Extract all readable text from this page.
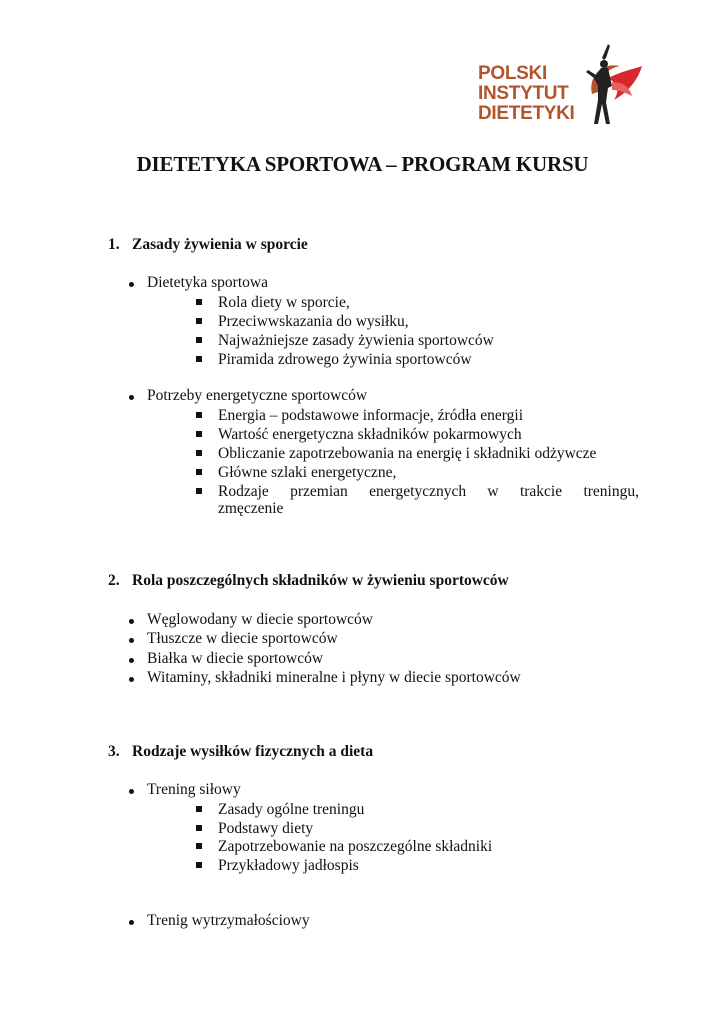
POLSKI
INSTYTUT
DIETETYKI
DIETETYKA SPORTOWA – PROGRAM KURSU
1. Zasady żywienia w sporcie
Dietetyka sportowa
Rola diety w sporcie,
Przeciwwskazania do wysiłku,
Najważniejsze zasady żywienia sportowców
Piramida zdrowego żywinia sportowców
Potrzeby energetyczne sportowców
Energia – podstawowe informacje, źródła energii
Wartość energetyczna składników pokarmowych
Obliczanie zapotrzebowania na energię i składniki odżywcze
Główne szlaki energetyczne,
Rodzaje przemian energetycznych w trakcie treningu,
zmęczenie
2. Rola poszczególnych składników w żywieniu sportowców
Węglowodany w diecie sportowców
Tłuszcze w diecie sportowców
Białka w diecie sportowców
Witaminy, składniki mineralne i płyny w diecie sportowców
3. Rodzaje wysiłków fizycznych a dieta
Trening siłowy
Zasady ogólne treningu
Podstawy diety
Zapotrzebowanie na poszczególne składniki
Przykładowy jadłospis
Trenig wytrzymałościowy
